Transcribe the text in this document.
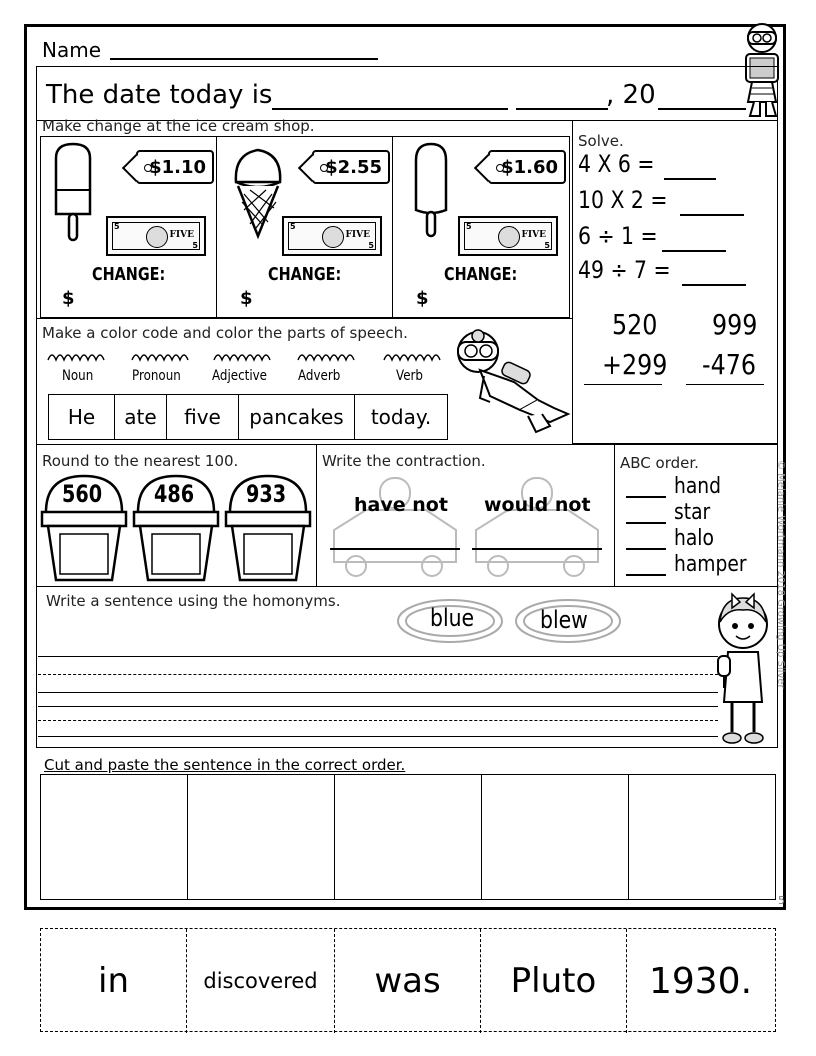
Name
The date today is	, 20
Make change at the ice cream shop.
$1.10
5
5
FIVE
CHANGE:
$
$2.55
5
5
FIVE
CHANGE:
$
$1.60
5
5
FIVE
CHANGE:
$
Solve.
4 X 6 =
10 X 2 =
6 ÷ 1 =
49 ÷ 7 =
520
+299
999
-476
Make a color code and color the parts of speech.
Noun	Pronoun Adjective Adverb	Verb
He	ate	five	pancakes	today.
Round to the nearest 100.
560 486 933
Write the contraction.
have not would not
ABC order.
hand
star
halo
hamper
Write a sentence using the homonyms.
blue	blew	© Melanie Wortmann 2018 Growing Up Silver
Cut and paste the sentence in the correct order.
5
in	discovered	was	Pluto	1930.
